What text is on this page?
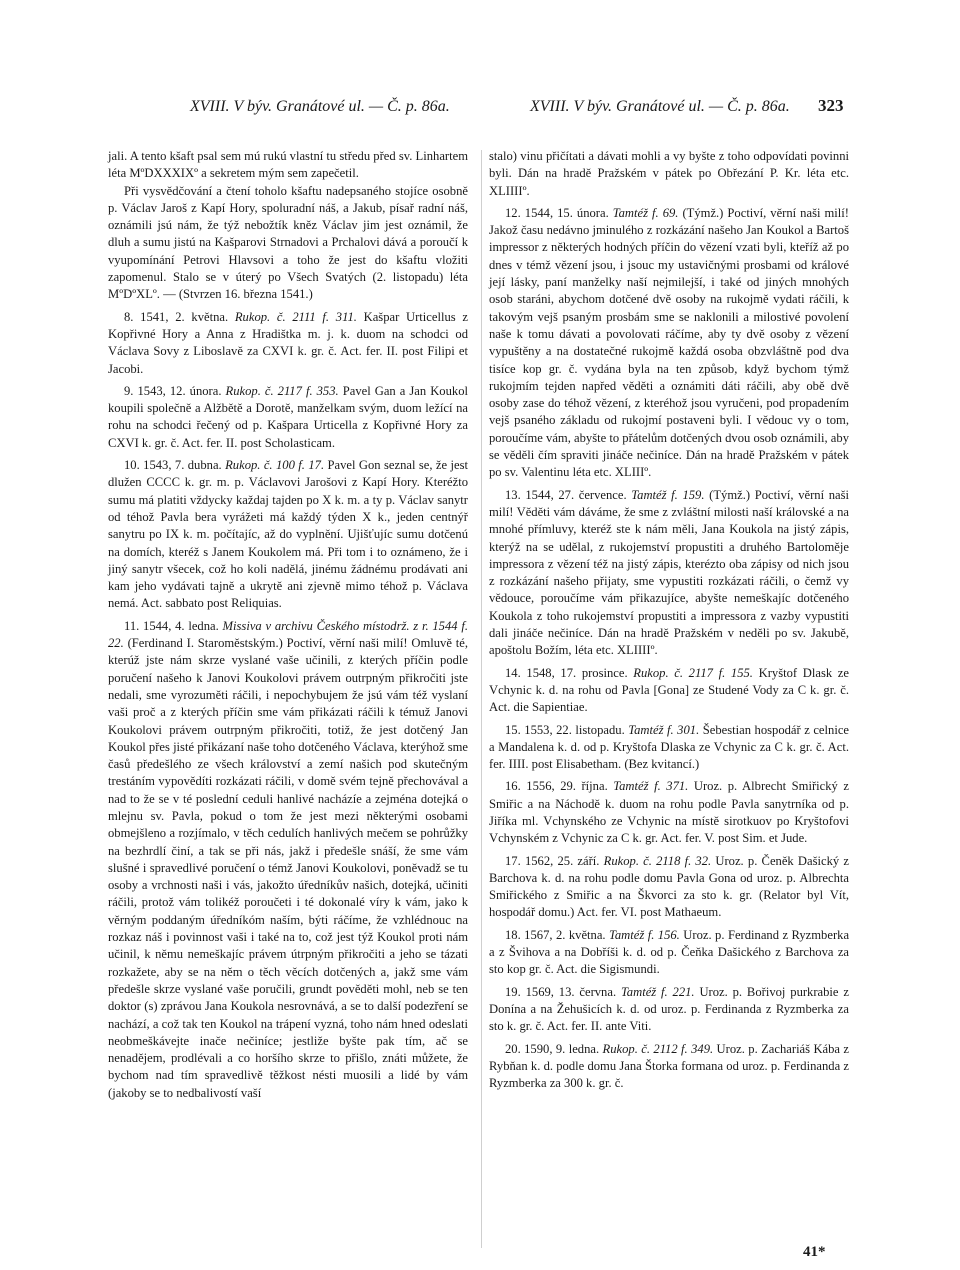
XVIII. V býv. Granátové ul. — Č. p. 86a.	XVIII. V býv. Granátové ul. — Č. p. 86a. 323

jali. A tento kšaft psal sem mú rukú vlastní tu středu před sv. Linhartem léta MºDXXXIXº a sekretem mým sem zapečetil.

Při vysvědčování a čtení toholo kšaftu nadepsaného stojíce osobně p. Václav Jaroš z Kapí Hory, spoluradní náš, a Jakub, písař radní náš, oznámili jsú nám, že týž nebožtík kněz Václav jim jest oznámil, že dluh a sumu jistú na Kašparovi Strnadovi a Prchalovi dává a poroučí k vyupomínání Petrovi Hlavsovi a toho že jest do kšaftu vložiti zapomenul. Stalo se v úterý po Všech Svatých (2. listopadu) léta MºDºXLº. — (Stvrzen 16. března 1541.)

8. 1541, 2. května. Rukop. č. 2111 f. 311. Kašpar Urticellus z Kopřivné Hory a Anna z Hradištka m. j. k. duom na schodci od Václava Sovy z Liboslavě za CXVI k. gr. č. Act. fer. II. post Filipi et Jacobi.

9. 1543, 12. února. Rukop. č. 2117 f. 353. Pavel Gan a Jan Koukol koupili společně a Alžbětě a Dorotě, manželkam svým, duom ležící na rohu na schodci řečený od p. Kašpara Urticella z Kopřivné Hory za CXVI k. gr. č. Act. fer. II. post Scholasticam.

10. 1543, 7. dubna. Rukop. č. 100 f. 17. Pavel Gon seznal se, že jest dlužen CCCC k. gr. m. p. Václavovi Jarošovi z Kapí Hory. Kteréžto sumu má platiti vždycky každaj tajden po X k. m. a ty p. Václav sanytr od téhož Pavla bera vyrážeti má každý týden X k., jeden centnýř sanytru po IX k. m. počítajíc, až do vyplnění. Ujišťujíc sumu dotčenú na domích, kteréž s Janem Koukolem má. Při tom i to oznámeno, že i jiný sanytr všecek, což ho koli nadělá, jinému žádnému prodávati ani kam jeho vydávati tajně a ukrytě ani zjevně mimo téhož p. Václava nemá. Act. sabbato post Reliquias.

11. 1544, 4. ledna. Missiva v archivu Českého místodrž. z r. 1544 f. 22. (Ferdinand I. Staroměstským.) Poctiví, věrní naši milí! Omluvě té, kterúž jste nám skrze vyslané vaše učinili, z kterých příčin podle poručení našeho k Janovi Koukolovi právem outrpným přikročiti jste nedali, sme vyrozuměti ráčili, i nepochybujem že jsú vám též vyslaní vaši proč a z kterých příčin sme vám přikázati ráčili k témuž Janovi Koukolovi právem outrpným přikročiti, totiž, že jest dotčený Jan Koukol přes jisté přikázaní naše toho dotčeného Václava, kterýhož sme časů předešlého ze všech království a zemí našich pod skutečným trestáním vypovědíti rozkázati ráčili, v domě svém tejně přechovával a nad to že se v té poslední ceduli hanlivé nacházíe a zejména dotejká o mlejnu sv. Pavla, pokud o tom že jest mezi některými osobami obmejšleno a rozjímalo, v těch cedulích hanlivých mečem se pohrůžky na bezhrdlí činí, a tak se při nás, jakž i předešle snáší, že sme vám slušné i spravedlivé poručení o témž Janovi Koukolovi, poněvadž se tu osoby a vrchnosti naši i vás, jakožto úředníkův našich, dotejká, učiniti ráčili, protož vám tolikéž poroučeti i té dokonalé víry k vám, jako k věrným poddaným úředníkóm naším, býti ráčíme, že vzhlédnouc na rozkaz náš i povinnost vaši i také na to, což jest týž Koukol proti nám učinil, k němu nemeškajíc právem útrpným přikročiti a jeho se tázati rozkažete, aby se na něm o těch věcích dotčených a, jakž sme vám předešle skrze vyslané vaše poručili, grundt pověděti mohl, neb se ten doktor (s) zprávou Jana Koukola nesrovnává, a se to další podezření se nachází, a což tak ten Koukol na trápení vyzná, toho nám hned odeslati neobmeškávejte inače nečiníce; jestliže byšte pak tím, ač se nenadějem, prodlévali a co horšího skrze to přišlo, znáti můžete, že bychom nad tím spravedlivě těžkost nésti muosili a lidé by vám (jakoby se to nedbalivostí vaší

stalo) vinu přičítati a dávati mohli a vy byšte z toho odpovídati povinni byli. Dán na hradě Pražském v pátek po Obřezání P. Kr. léta etc. XLIIIIº.

12. 1544, 15. února. Tamtéž f. 69. (Týmž.) Poctiví, věrní naši milí! Jakož času nedávno jminulého z rozkázání našeho Jan Koukol a Bartoš impressor z některých hodných příčin do vězení vzati byli, kteříž až po dnes v témž vězení jsou, i jsouc my ustavičnými prosbami od králové její lásky, paní manželky naší nejmilejší, i také od jiných mnohých osob staráni, abychom dotčené dvě osoby na rukojmě vydati ráčili, k takovým vejš psaným prosbám sme se naklonili a milostivé povolení naše k tomu dávati a povolovati ráčíme, aby ty dvě osoby z vězení vypuštěny a na dostatečné rukojmě každá osoba obzvláštně pod dva tisíce kop gr. č. vydána byla na ten způsob, když bychom týmž rukojmím tejden napřed věděti a oznámiti dáti ráčili, aby obě dvě osoby zase do téhož vězení, z kteréhož jsou vyručeni, pod propadením vejš psaného základu od rukojmí postaveni byli. I vědouc vy o tom, poroučíme vám, abyšte to přátelům dotčených dvou osob oznámili, aby se věděli čím spraviti jináče nečiníce. Dán na hradě Pražském v pátek po sv. Valentinu léta etc. XLIIIº.

13. 1544, 27. července. Tamtéž f. 159. (Týmž.) Poctiví, věrní naši milí! Věděti vám dáváme, že sme z zvláštní milosti naší královské a na mnohé přímluvy, kteréž ste k nám měli, Jana Koukola na jistý zápis, kterýž na se udělal, z rukojemství propustiti a druhého Bartoloměje impressora z vězení též na jistý zápis, kterézto oba zápisy od nich jsou z rozkázání našeho přijaty, sme vypustiti rozkázati ráčili, o čemž vy vědouce, poroučíme vám přikazujíce, abyšte nemeškajíc dotčeného Koukola z toho rukojemství propustiti a impressora z vazby vypustiti dali jináče nečiníce. Dán na hradě Pražském v neděli po sv. Jakubě, apoštolu Božím, léta etc. XLIIIIº.

14. 1548, 17. prosince. Rukop. č. 2117 f. 155. Kryštof Dlask ze Vchynic k. d. na rohu od Pavla [Gona] ze Studené Vody za C k. gr. č. Act. die Sapientiae.

15. 1553, 22. listopadu. Tamtéž f. 301. Šebestian hospodář z celnice a Mandalena k. d. od p. Kryštofa Dlaska ze Vchynic za C k. gr. č. Act. fer. IIII. post Elisabetham. (Bez kvitancí.)

16. 1556, 29. října. Tamtéž f. 371. Uroz. p. Albrecht Smiřický z Smiřic a na Náchodě k. duom na rohu podle Pavla sanytrníka od p. Jiříka ml. Vchynského ze Vchynic na místě sirotkuov po Kryštofovi Vchynském z Vchynic za C k. gr. Act. fer. V. post Sim. et Jude.

17. 1562, 25. září. Rukop. č. 2118 f. 32. Uroz. p. Čeněk Dašický z Barchova k. d. na rohu podle domu Pavla Gona od uroz. p. Albrechta Smiřického z Smiřic a na Škvorci za sto k. gr. (Relator byl Vít, hospodář domu.) Act. fer. VI. post Mathaeum.

18. 1567, 2. května. Tamtéž f. 156. Uroz. p. Ferdinand z Ryzmberka a z Švihova a na Dobříši k. d. od p. Čeňka Dašického z Barchova za sto kop gr. č. Act. die Sigismundi.

19. 1569, 13. června. Tamtéž f. 221. Uroz. p. Bořivoj purkrabie z Donína a na Žehušicích k. d. od uroz. p. Ferdinanda z Ryzmberka za sto k. gr. č. Act. fer. II. ante Viti.

20. 1590, 9. ledna. Rukop. č. 2112 f. 349. Uroz. p. Zachariáš Kába z Rybňan k. d. podle domu Jana Štorka formana od uroz. p. Ferdinanda z Ryzmberka za 300 k. gr. č.

41*
